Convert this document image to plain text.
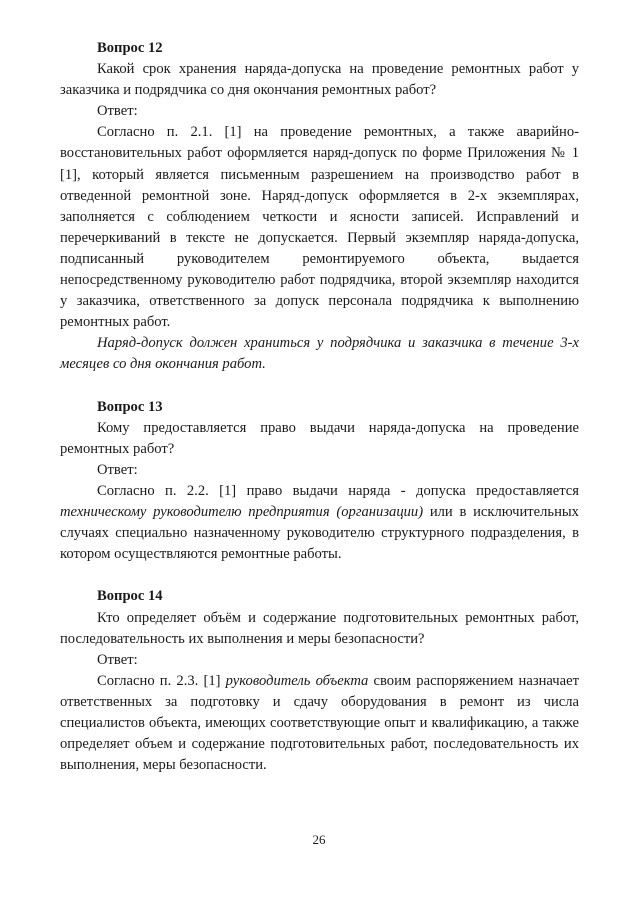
Вопрос 12

Какой срок хранения наряда-допуска на проведение ремонтных работ у заказчика и подрядчика со дня окончания ремонтных работ?

Ответ:

Согласно п. 2.1. [1] на проведение ремонтных, а также аварийно-восстановительных работ оформляется наряд-допуск по форме Приложения № 1 [1], который является письменным разрешением на производство работ в отведенной ремонтной зоне. Наряд-допуск оформляется в 2-х экземплярах, заполняется с соблюдением четкости и ясности записей. Исправлений и перечеркиваний в тексте не допускается. Первый экземпляр наряда-допуска, подписанный руководителем ремонтируемого объекта, выдается непосредственному руководителю работ подрядчика, второй экземпляр находится у заказчика, ответственного за допуск персонала подрядчика к выполнению ремонтных работ.

Наряд-допуск должен храниться у подрядчика и заказчика в течение 3-х месяцев со дня окончания работ.

Вопрос 13

Кому предоставляется право выдачи наряда-допуска на проведение ремонтных работ?

Ответ:

Согласно п. 2.2. [1] право выдачи наряда - допуска предоставляется техническому руководителю предприятия (организации) или в исключительных случаях специально назначенному руководителю структурного подразделения, в котором осуществляются ремонтные работы.

Вопрос 14

Кто определяет объём и содержание подготовительных ремонтных работ, последовательность их выполнения и меры безопасности?

Ответ:

Согласно п. 2.3. [1] руководитель объекта своим распоряжением назначает ответственных за подготовку и сдачу оборудования в ремонт из числа специалистов объекта, имеющих соответствующие опыт и квалификацию, а также определяет объем и содержание подготовительных работ, последовательность их выполнения, меры безопасности.

26
